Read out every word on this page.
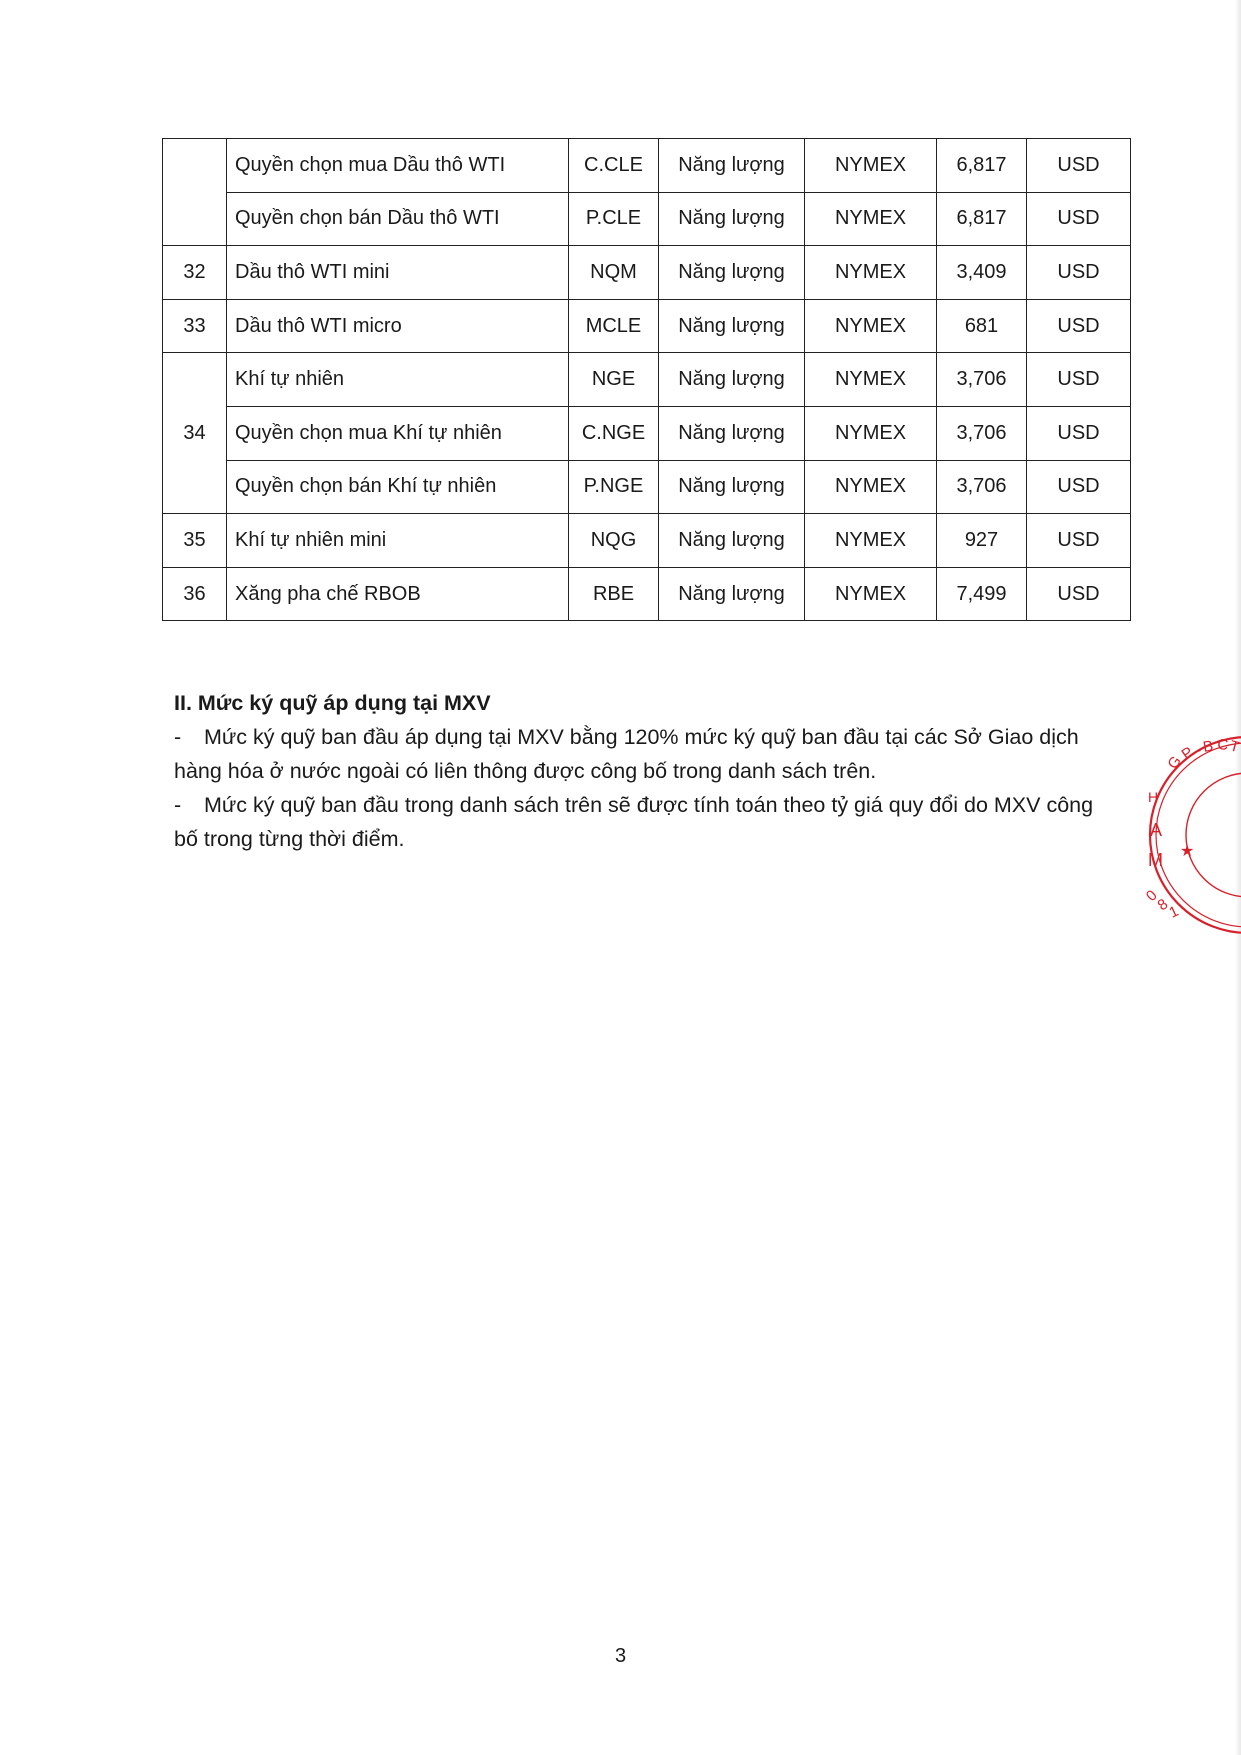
	Quyền chọn mua Dầu thô WTI	C.CLE	Năng lượng	NYMEX	6,817	USD
	Quyền chọn bán Dầu thô WTI	P.CLE	Năng lượng	NYMEX	6,817	USD
32	Dầu thô WTI mini	NQM	Năng lượng	NYMEX	3,409	USD
33	Dầu thô WTI micro	MCLE	Năng lượng	NYMEX	681	USD
34	Khí tự nhiên	NGE	Năng lượng	NYMEX	3,706	USD
	Quyền chọn mua Khí tự nhiên	C.NGE	Năng lượng	NYMEX	3,706	USD
	Quyền chọn bán Khí tự nhiên	P.NGE	Năng lượng	NYMEX	3,706	USD
35	Khí tự nhiên mini	NQG	Năng lượng	NYMEX	927	USD
36	Xăng pha chế RBOB	RBE	Năng lượng	NYMEX	7,499	USD
II. Mức ký quỹ áp dụng tại MXV

- Mức ký quỹ ban đầu áp dụng tại MXV bằng 120% mức ký quỹ ban đầu tại các Sở Giao dịch hàng hóa ở nước ngoài có liên thông được công bố trong danh sách trên.

- Mức ký quỹ ban đầu trong danh sách trên sẽ được tính toán theo tỷ giá quy đổi do MXV công bố trong từng thời điểm.

G
P
.
B C T
H
A
M ★
0
8
1
3
